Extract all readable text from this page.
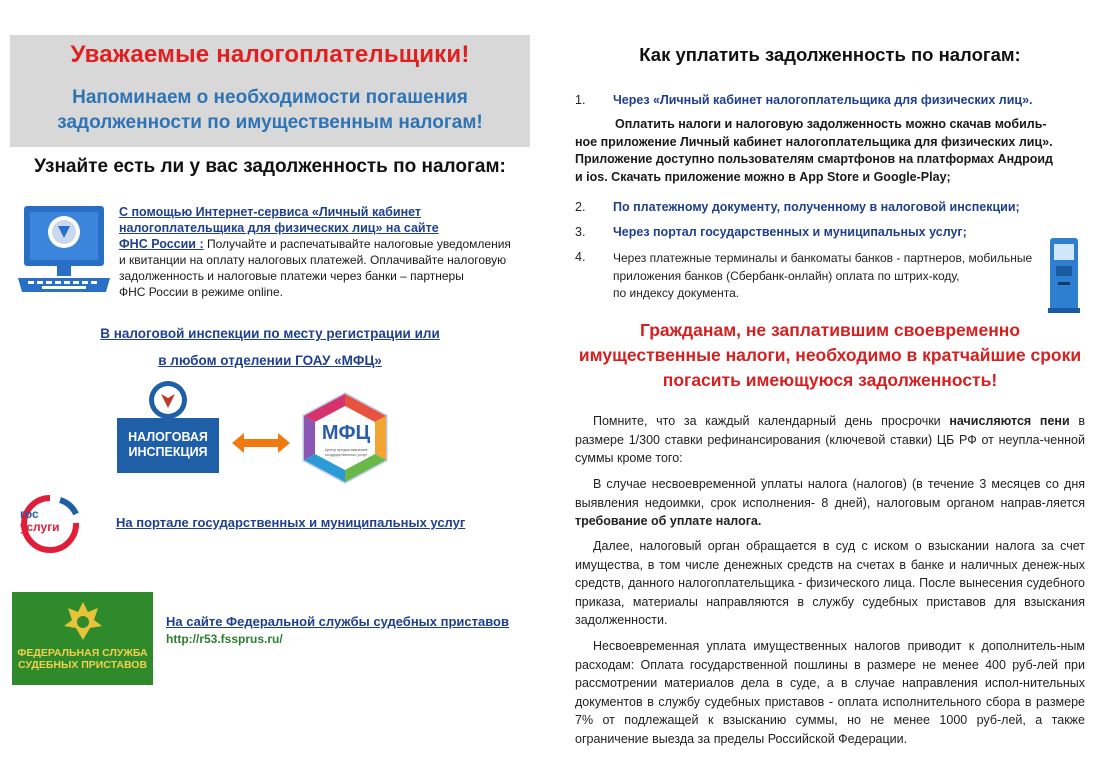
Уважаемые налогоплательщики!
Напоминаем о необходимости погашения
задолженности по имущественным налогам!
Узнайте есть ли у вас задолженность по налогам:
С помощью Интернет-сервиса «Личный кабинет
налогоплательщика для физических лиц» на сайте
ФНС России : Получайте и распечатывайте налоговые уведомления
и квитанции на оплату налоговых платежей. Оплачивайте налоговую
задолженность и налоговые платежи через банки – партнеры
ФНС России в режиме online.
В налоговой инспекции по месту регистрации или
в любом отделении ГОАУ «МФЦ»
НАЛОГОВАЯ
ИНСПЕКЦИЯ
МФЦ
Центр предоставления государственных услуг
гос
услуги	На портале государственных и муниципальных услуг
ФЕДЕРАЛЬНАЯ СЛУЖБА
СУДЕБНЫХ ПРИСТАВОВ
На сайте Федеральной службы судебных приставов
http://r53.fssprus.ru/
Как уплатить задолженность по налогам:
1. Через «Личный кабинет налогоплательщика для физических лиц».
Оплатить налоги и налоговую задолженность можно скачав мобиль-
ное приложение Личный кабинет налогоплательщика для физических лиц».
Приложение доступно пользователям смартфонов на платформах Андроид
и ios. Скачать приложение можно в App Store и Google-Play;
2. По платежному документу, полученному в налоговой инспекции;
3. Через портал государственных и муниципальных услуг;
4. Через платежные терминалы и банкоматы банков - партнеров, мобильные
приложения банков (Сбербанк-онлайн) оплата по штрих-коду,
по индексу документа.
Гражданам, не заплатившим своевременно
имущественные налоги, необходимо в кратчайшие сроки
погасить имеющуюся задолженность!
Помните, что за каждый календарный день просрочки начисляются пени в размере 1/300 ставки рефинансирования (ключевой ставки) ЦБ РФ от неупла-ченной суммы кроме того:
В случае несвоевременной уплаты налога (налогов) (в течение 3 месяцев со дня выявления недоимки, срок исполнения- 8 дней), налоговым органом направ-ляется требование об уплате налога.
Далее, налоговый орган обращается в суд с иском о взыскании налога за счет имущества, в том числе денежных средств на счетах в банке и наличных денеж-ных средств, данного налогоплательщика - физического лица. После вынесения судебного приказа, материалы направляются в службу судебных приставов для взыскания задолженности.
Несвоевременная уплата имущественных налогов приводит к дополнитель-ным расходам: Оплата государственной пошлины в размере не менее 400 руб-лей при рассмотрении материалов дела в суде, а в случае направления испол-нительных документов в службу судебных приставов - оплата исполнительного сбора в размере 7% от подлежащей к взысканию суммы, но не менее 1000 руб-лей, а также ограничение выезда за пределы Российской Федерации.
